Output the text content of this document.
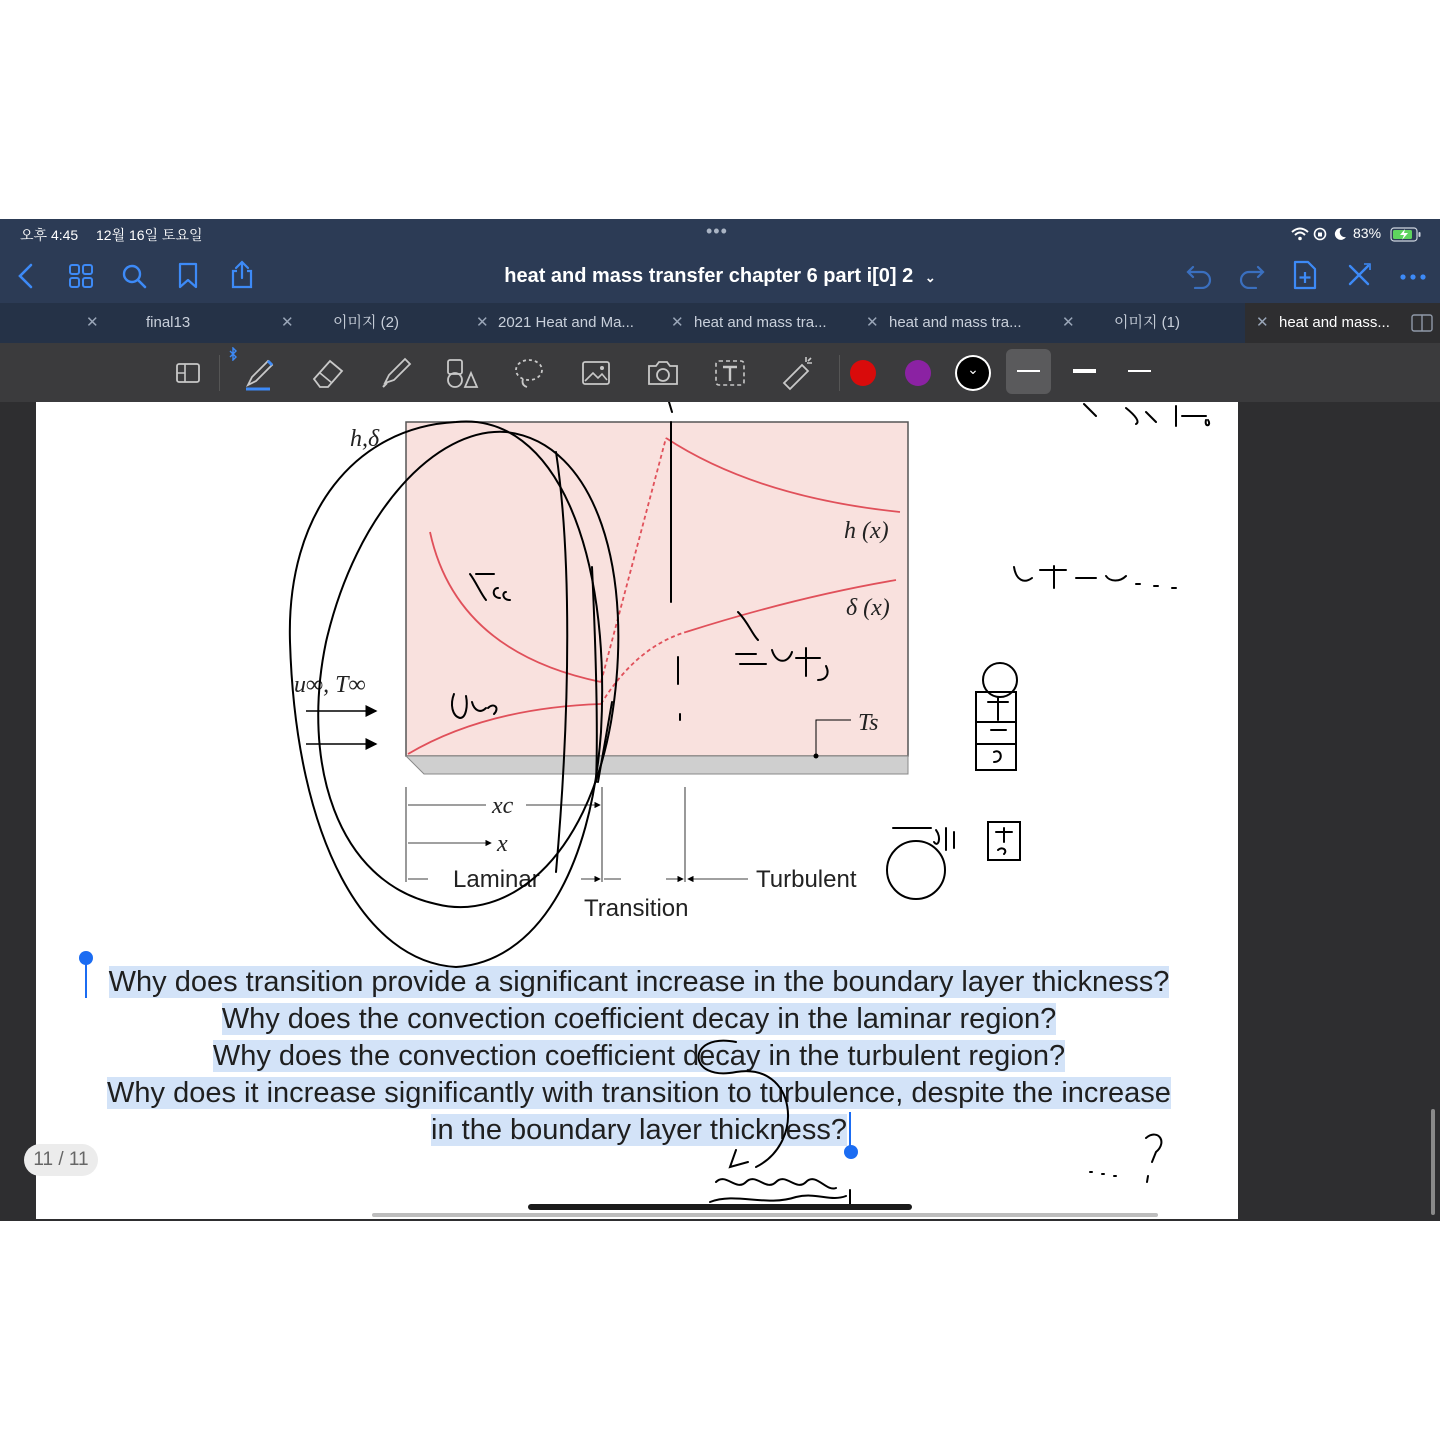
오후 4:45 12월 16일 토요일	•••	83%
heat and mass transfer chapter 6 part i[0] 2 ⌄
✕	final13	✕	이미지 (2)	✕ 2021 Heat and Ma... ✕ heat and mass tra...	✕ heat and mass tra...	✕	이미지 (1)	✕ heat and mass...
⌄
h,δ
h (x)
δ (x)
u∞, T∞
Ts
xc
x
Laminar
Transition
Turbulent
Why does transition provide a significant increase in the boundary layer thickness?
Why does the convection coefficient decay in the laminar region?
Why does the convection coefficient decay in the turbulent region?
Why does it increase significantly with transition to turbulence, despite the increase
in the boundary layer thickness?
11 / 11
